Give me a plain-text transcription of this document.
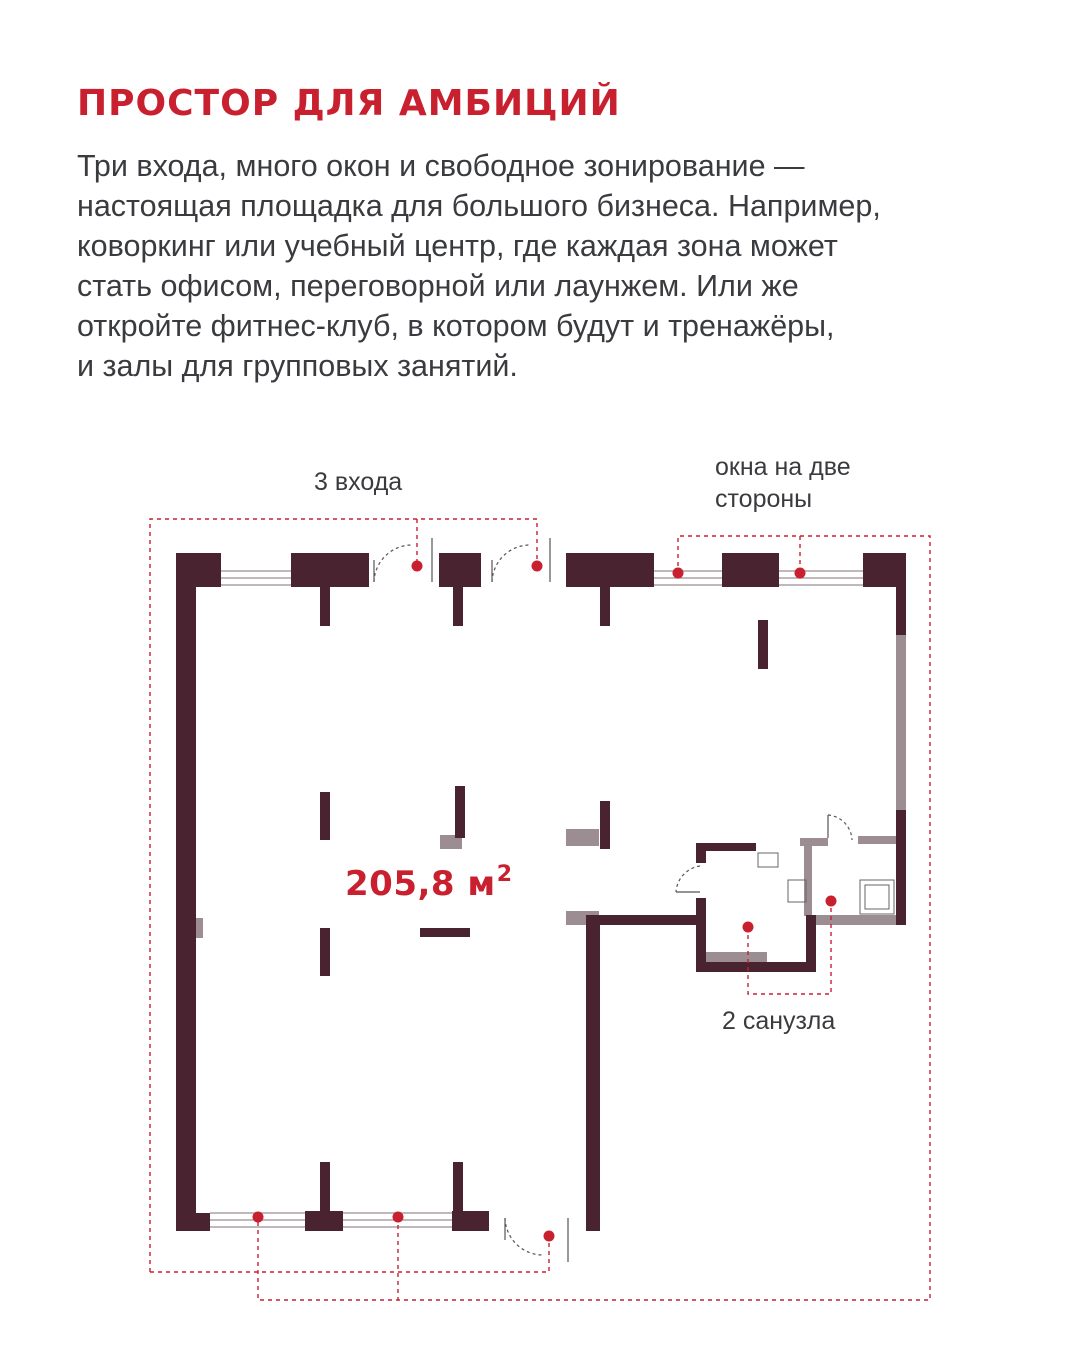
ПРОСТОР ДЛЯ АМБИЦИЙ
Три входа, много окон и свободное зонирование —
настоящая площадка для большого бизнеса. Например,
коворкинг или учебный центр, где каждая зона может
стать офисом, переговорной или лаунжем. Или же
откройте фитнес-клуб, в котором будут и тренажёры,
и залы для групповых занятий.
3 входа
окна на две
стороны
2 санузла
205,8 $м^2$
